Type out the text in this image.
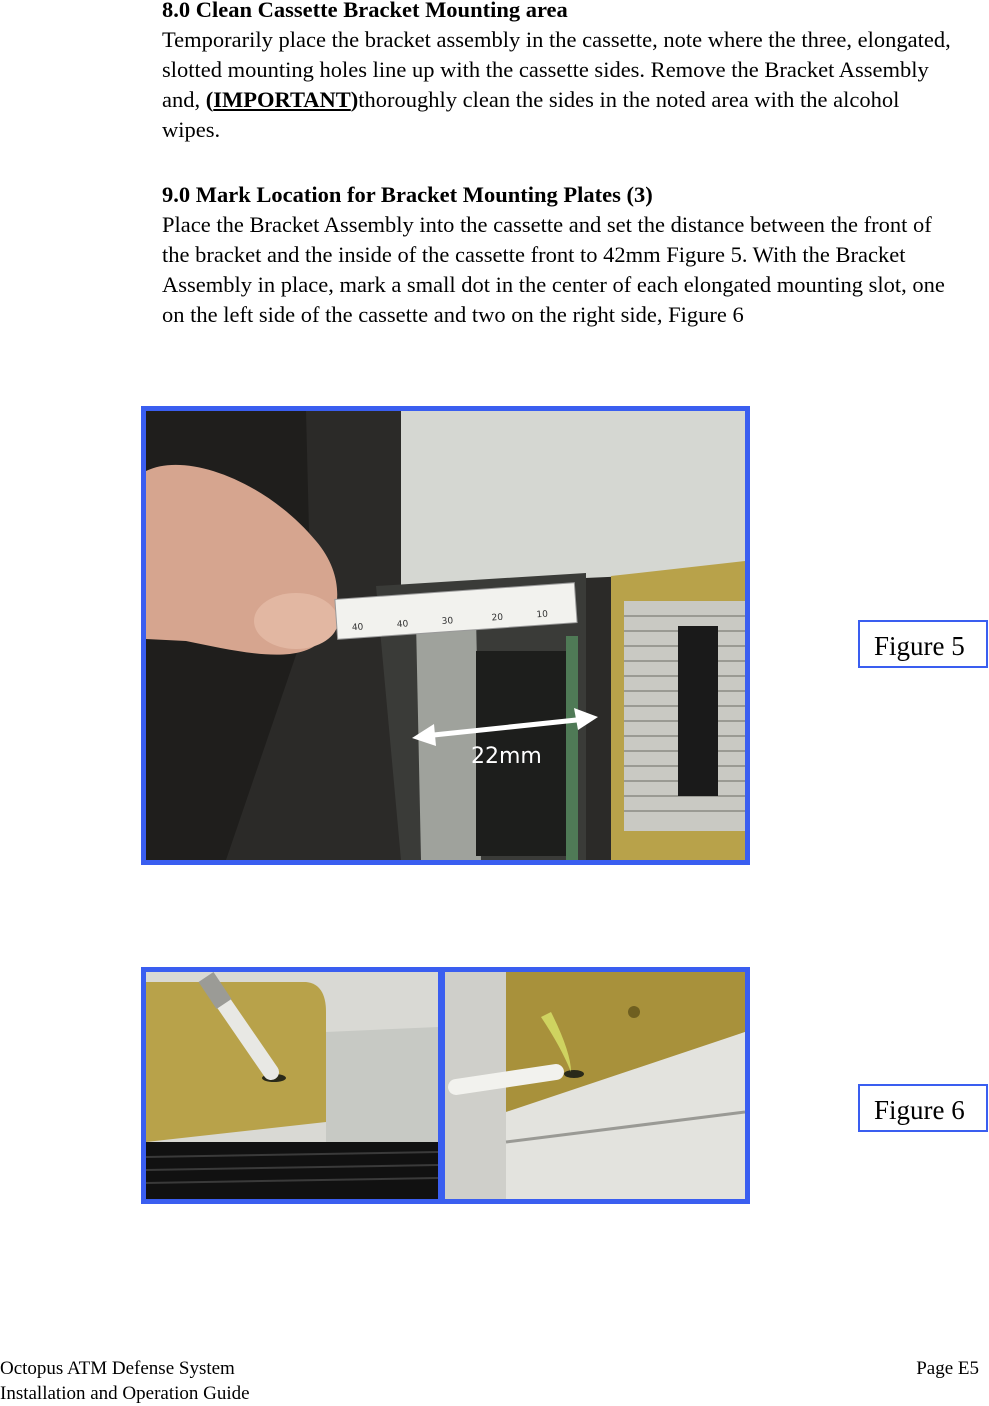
8.0 Clean Cassette Bracket Mounting area

Temporarily place the bracket assembly in the cassette, note where the three, elongated, slotted mounting holes line up with the cassette sides. Remove the Bracket Assembly and, (IMPORTANT)thoroughly clean the sides in the noted area with the alcohol wipes.

9.0 Mark Location for Bracket Mounting Plates (3)

Place the Bracket Assembly into the cassette and set the distance between the front of the bracket and the inside of the cassette front to 42mm Figure 5. With the Bracket Assembly in place, mark a small dot in the center of each elongated mounting slot, one on the left side of the cassette and two on the right side, Figure 6

40	40	30	20	10
22mm
Figure 5
Figure 6
Octopus ATM Defense System
Installation and Operation Guide
Page E5
